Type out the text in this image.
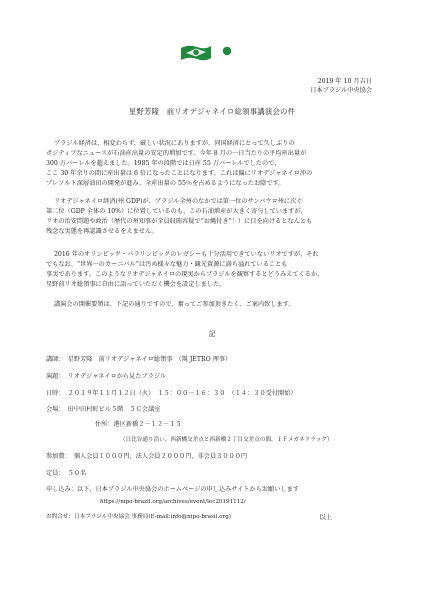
2019 年 10 月吉日
日本ブラジル中央協会
星野芳隆　前リオデジャネイロ総領事講演会の件
ブラジル経済は、相変わらず、厳しい状況にありますが、同国経済にとって久しぶりの
ポジティブなニュースが石油産出量の安定的増加です。今年 8 月の一日当たりの平均産出量が
300 万バーレルを超えました。1985 年の段階では日産 55 万バーレルでしたので、
ここ 30 年余りの間に産出量は 6 倍になったことになります。これは偏にリオデジャネイロ沖の
プレソルト深層油田の開発が進み、全産出量の 55％を占めるようになったお陰です。
リオデジャネイロ経済(州 GDP)が、ブラジル全州のなかでは第一位のサンパウロ州に次ぐ
第二位（GDP 全体の 10%）に位置しているのも、この石油増産が大きく寄与していますが、
リオの治安問題や政治（歴代の州知事が全員収賄容疑で“お縄付き”！）に目を向けるとなんとも
残念な実態を再認識させるをえません。
2016 年のオリンピック・パラリンピックのレガシーも十分活用できていないリオですが、それ
でもなお、“世界一のカーニバル”は汚め様々な魅力・観光資源に満ち溢れていることも
事実であります。このようなリオデジャネイロの現実からブラジルを観察するとどうみえてくるか、
星野前リオ総領事に自由に語っていただく機会を設定しました。
講演会の開催要領は、下記の通りですので、奮ってご参加頂きたく、ご案内致します。
記
講師：　星野芳隆　前リオデジャネイロ総領事　（現 JETRO 理事）
演題：　リオデジャネイロから見たブラジル
日時：　２０１９年１１月１２日（火）　１５：００－１６：３０　（１４：３０受付開始）
会場：　田中田村町ビル５階　５Ｃ会議室
住所：港区新橋２－１２－１５
（日比谷通り沿い、西新橋交差点と西新橋２丁目交差点の間、１Ｆメガネドラッグ）
参加費：　個人会員１０００円、法人会員２０００円、非会員３０００円
定員：　５０名
申し込み：以下、日本ブラジル中央協会のホームページの申し込みサイトからお願いします
https://nipo-brazil.org/archives/event/lec20191112/
お問合せ：日本ブラジル中央協会 事務局(E-mail:info@nipo-brasil.org)	以上
